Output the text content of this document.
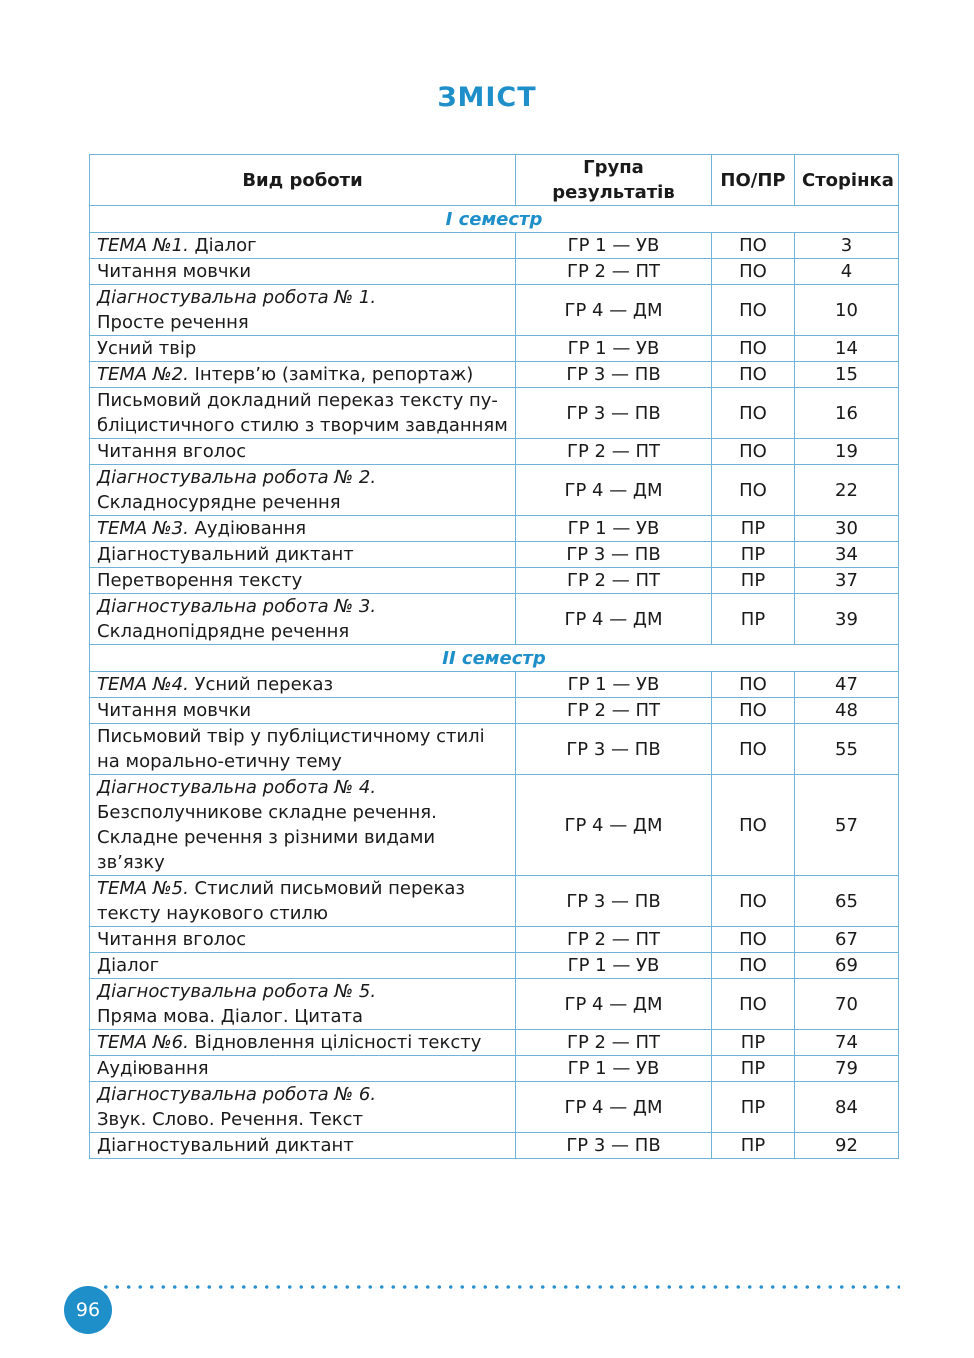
ЗМІСТ
Вид роботи	Група результатів	ПО/ПР	Сторінка
І семестр			

ТЕМА №1. Діалог	ГР 1 — УВ	ПО	3

Читання мовчки	ГР 2 — ПТ	ПО	4

Діагностувальна робота № 1.
Просте речення	ГР 4 — ДМ	ПО	10

Усний твір	ГР 1 — УВ	ПО	14

ТЕМА №2. Інтерв’ю (замітка, репортаж)	ГР 3 — ПВ	ПО	15

Письмовий докладний переказ тексту пу-
бліцистичного стилю з творчим завданням	ГР 3 — ПВ	ПО	16

Читання вголос	ГР 2 — ПТ	ПО	19

Діагностувальна робота № 2.
Складносурядне речення	ГР 4 — ДМ	ПО	22

ТЕМА №3. Аудіювання	ГР 1 — УВ	ПР	30

Діагностувальний диктант	ГР 3 — ПВ	ПР	34

Перетворення тексту	ГР 2 — ПТ	ПР	37

Діагностувальна робота № 3.
Складнопідрядне речення	ГР 4 — ДМ	ПР	39
ІІ семестр			

ТЕМА №4. Усний переказ	ГР 1 — УВ	ПО	47

Читання мовчки	ГР 2 — ПТ	ПО	48

Письмовий твір у публіцистичному стилі
на морально-етичну тему	ГР 3 — ПВ	ПО	55

Діагностувальна робота № 4.
Безсполучникове складне речення.
Складне речення з різними видами зв’язку	ГР 4 — ДМ	ПО	57

ТЕМА №5. Стислий письмовий переказ
тексту наукового стилю	ГР 3 — ПВ	ПО	65

Читання вголос	ГР 2 — ПТ	ПО	67

Діалог	ГР 1 — УВ	ПО	69

Діагностувальна робота № 5.
Пряма мова. Діалог. Цитата	ГР 4 — ДМ	ПО	70

ТЕМА №6. Відновлення цілісності тексту	ГР 2 — ПТ	ПР	74

Аудіювання	ГР 1 — УВ	ПР	79

Діагностувальна робота № 6.
Звук. Слово. Речення. Текст	ГР 4 — ДМ	ПР	84

Діагностувальний диктант	ГР 3 — ПВ	ПР	92
96
